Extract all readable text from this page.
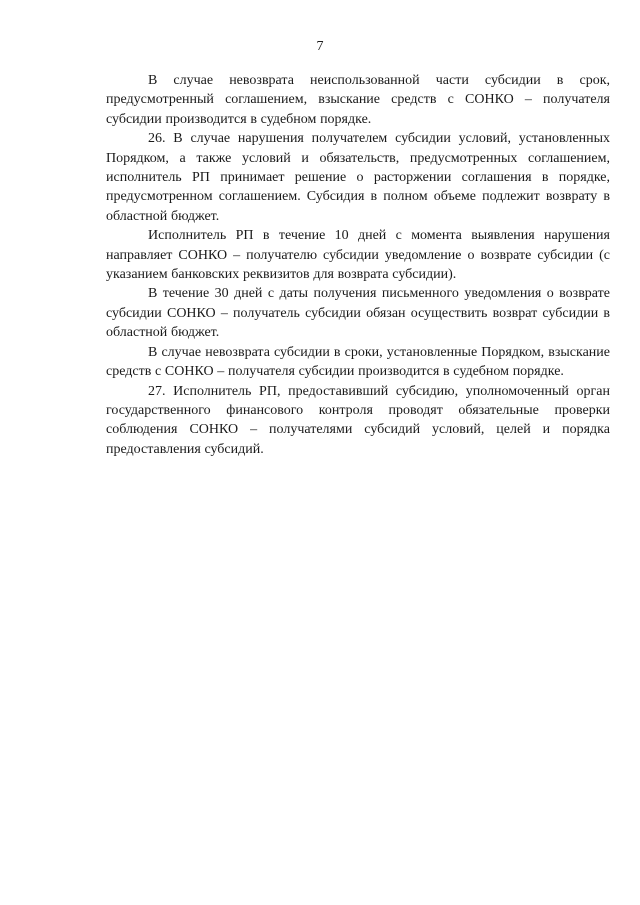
7

В случае невозврата неиспользованной части субсидии в срок, предусмотренный соглашением, взыскание средств с СОНКО – получателя субсидии производится в судебном порядке.

26. В случае нарушения получателем субсидии условий, установленных Порядком, а также условий и обязательств, предусмотренных соглашением, исполнитель РП принимает решение о расторжении соглашения в порядке, предусмотренном соглашением. Субсидия в полном объеме подлежит возврату в областной бюджет.

Исполнитель РП в течение 10 дней с момента выявления нарушения направляет СОНКО – получателю субсидии уведомление о возврате субсидии (с указанием банковских реквизитов для возврата субсидии).

В течение 30 дней с даты получения письменного уведомления о возврате субсидии СОНКО – получатель субсидии обязан осуществить возврат субсидии в областной бюджет.

В случае невозврата субсидии в сроки, установленные Порядком, взыскание средств с СОНКО – получателя субсидии производится в судебном порядке.

27. Исполнитель РП, предоставивший субсидию, уполномоченный орган государственного финансового контроля проводят обязательные проверки соблюдения СОНКО – получателями субсидий условий, целей и порядка предоставления субсидий.
